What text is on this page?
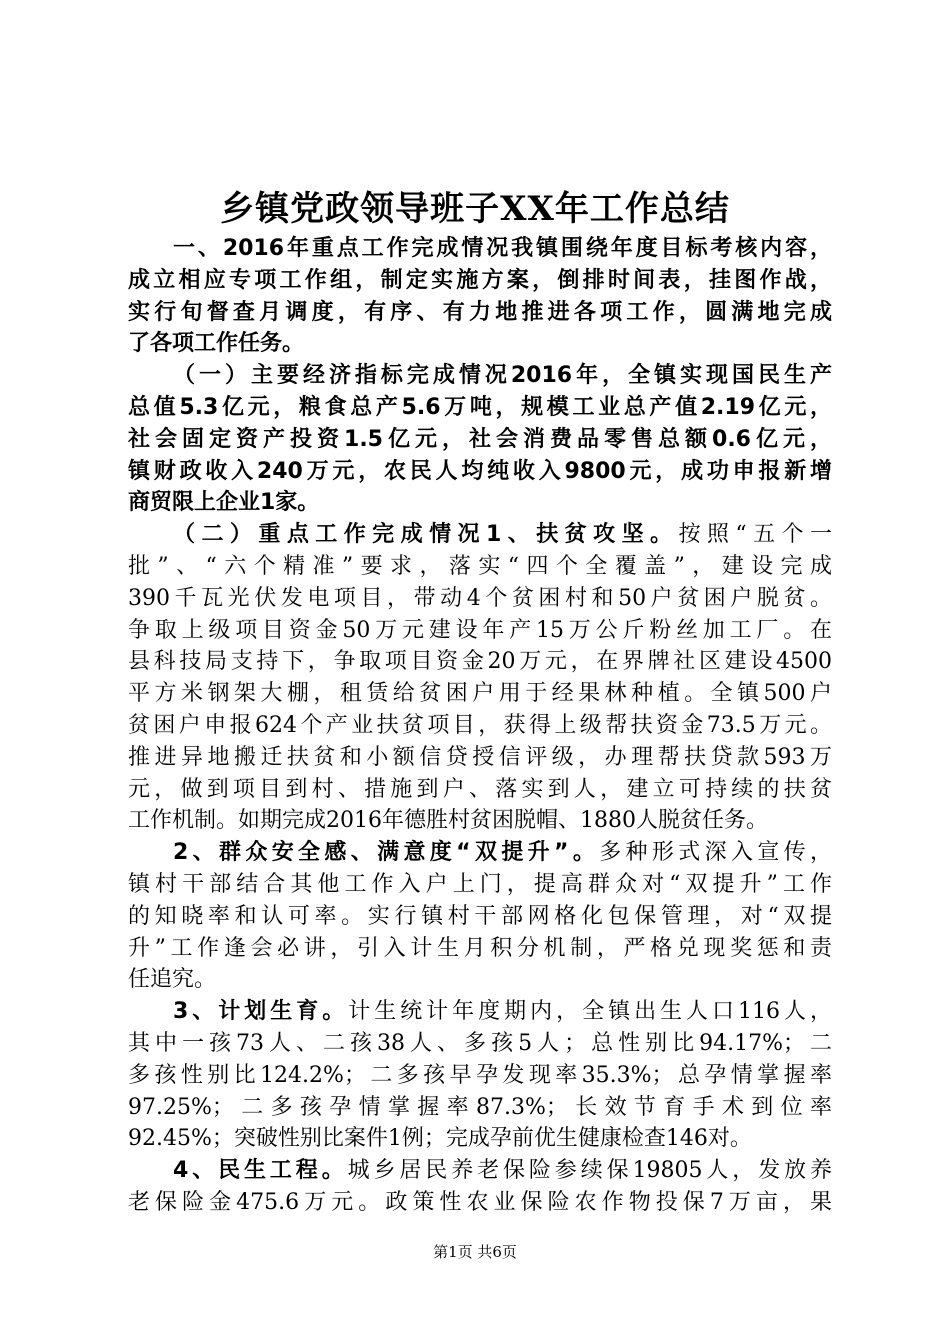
乡镇党政领导班子XX年工作总结
一、2016年重点工作完成情况我镇围绕年度目标考核内容，
成立相应专项工作组，制定实施方案，倒排时间表，挂图作战，
实行旬督查月调度，有序、有力地推进各项工作，圆满地完成
了各项工作任务。
（一）主要经济指标完成情况2016年，全镇实现国民生产
总值5.3亿元，粮食总产5.6万吨，规模工业总产值2.19亿元，
社会固定资产投资1.5亿元，社会消费品零售总额0.6亿元，
镇财政收入240万元，农民人均纯收入9800元，成功申报新增
商贸限上企业1家。
（二）重点工作完成情况1、扶贫攻坚。按照“五个一
批”、“六个精准”要求，落实“四个全覆盖”，建设完成
390千瓦光伏发电项目，带动4个贫困村和50户贫困户脱贫。
争取上级项目资金50万元建设年产15万公斤粉丝加工厂。在
县科技局支持下，争取项目资金20万元，在界牌社区建设4500
平方米钢架大棚，租赁给贫困户用于经果林种植。全镇500户
贫困户申报624个产业扶贫项目，获得上级帮扶资金73.5万元。
推进异地搬迁扶贫和小额信贷授信评级，办理帮扶贷款593万
元，做到项目到村、措施到户、落实到人，建立可持续的扶贫
工作机制。如期完成2016年德胜村贫困脱帽、1880人脱贫任务。
2、群众安全感、满意度“双提升”。多种形式深入宣传，
镇村干部结合其他工作入户上门，提高群众对“双提升”工作
的知晓率和认可率。实行镇村干部网格化包保管理，对“双提
升”工作逢会必讲，引入计生月积分机制，严格兑现奖惩和责
任追究。
3、计划生育。计生统计年度期内，全镇出生人口116人，
其中一孩73人、二孩38人、多孩5人；总性别比94.17%；二
多孩性别比124.2%；二多孩早孕发现率35.3%；总孕情掌握率
97.25%；二多孩孕情掌握率87.3%；长效节育手术到位率
92.45%；突破性别比案件1例；完成孕前优生健康检查146对。
4、民生工程。城乡居民养老保险参续保19805人，发放养
老保险金475.6万元。政策性农业保险农作物投保7万亩，果
第1页 共6页
